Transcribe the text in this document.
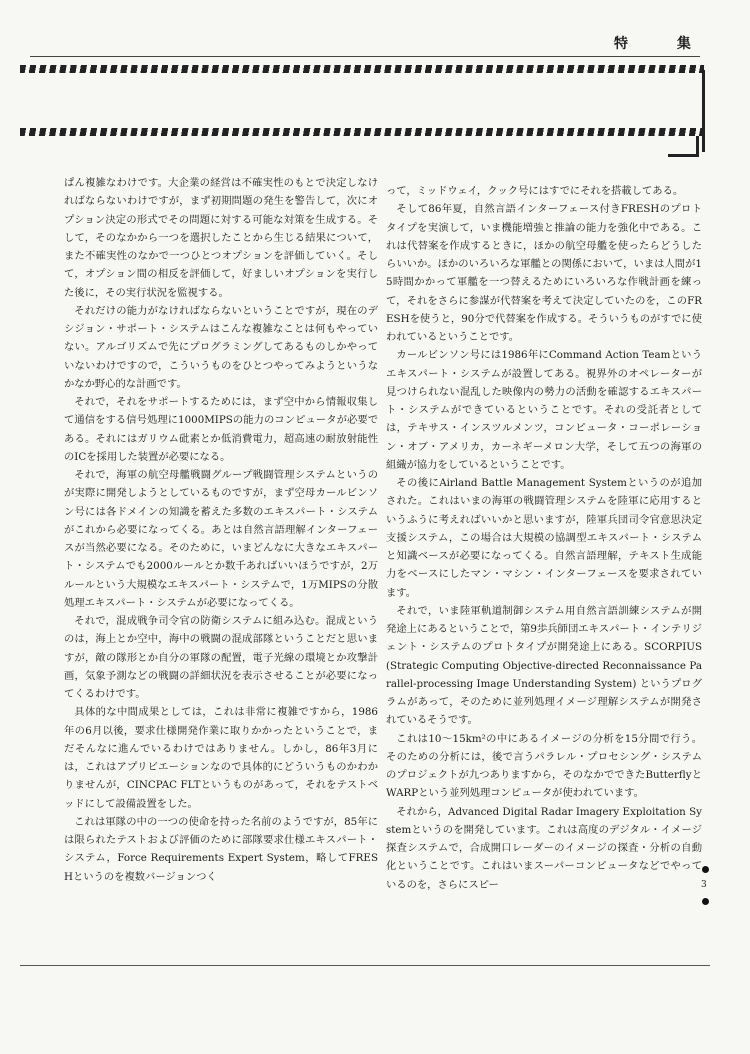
特 集

ぱん複雑なわけです。大企業の経営は不確実性のもとで決定しなければならないわけですが，まず初期問題の発生を警告して，次にオプション決定の形式でその問題に対する可能な対策を生成する。そして，そのなかから一つを選択したことから生じる結果について，また不確実性のなかで一つひとつオプションを評価していく。そして，オプション間の相反を評価して，好ましいオプションを実行した後に，その実行状況を監視する。

それだけの能力がなければならないということですが，現在のデシジョン・サポート・システムはこんな複雑なことは何もやっていない。アルゴリズムで先にプログラミングしてあるものしかやっていないわけですので，こういうものをひとつやってみようというなかなか野心的な計画です。

それで，それをサポートするためには，まず空中から情報収集して通信をする信号処理に1000MIPSの能力のコンピュータが必要である。それにはガリウム砒素とか低消費電力，超高速の耐放射能性のICを採用した装置が必要になる。

それで，海軍の航空母艦戦闘グループ戦闘管理システムというのが実際に開発しようとしているものですが，まず空母カールビンソン号には各ドメインの知識を蓄えた多数のエキスパート・システムがこれから必要になってくる。あとは自然言語理解インターフェースが当然必要になる。そのために，いまどんなに大きなエキスパート・システムでも2000ルールとか数千あればいいほうですが，2万ルールという大規模なエキスパート・システムで，1万MIPSの分散処理エキスパート・システムが必要になってくる。

それで，混成戦争司令官の防衛システムに組み込む。混成というのは，海上とか空中，海中の戦闘の混成部隊ということだと思いますが，敵の隊形とか自分の軍隊の配置，電子光線の環境とか攻撃計画，気象予測などの戦闘の詳細状況を表示させることが必要になってくるわけです。

具体的な中間成果としては，これは非常に複雑ですから，1986年の6月以後，要求仕様開発作業に取りかかったということで，まだそんなに進んでいるわけではありません。しかし，86年3月には，これはアプリビエーションなので具体的にどういうものかわかりませんが，CINCPAC FLTというものがあって，それをテストベッドにして設備設置をした。

これは軍隊の中の一つの使命を持った名前のようですが，85年には限られたテストおよび評価のために部隊要求仕様エキスパート・システム，Force Requirements Expert System，略してFRESHというのを複数バージョンつく

って，ミッドウェイ，クック号にはすでにそれを搭載してある。

そして86年夏，自然言語インターフェース付きFRESHのプロトタイプを実演して，いま機能増強と推論の能力を強化中である。これは代替案を作成するときに，ほかの航空母艦を使ったらどうしたらいいか。ほかのいろいろな軍艦との関係において，いまは人間が15時間かかって軍艦を一つ替えるためにいろいろな作戦計画を練って，それをさらに参謀が代替案を考えて決定していたのを，このFRESHを使うと，90分で代替案を作成する。そういうものがすでに使われているということです。

カールビンソン号には1986年にCommand Action Teamというエキスパート・システムが設置してある。視界外のオペレーターが見つけられない混乱した映像内の勢力の活動を確認するエキスパート・システムができているということです。それの受託者としては，テキサス・インスツルメンツ，コンピュータ・コーポレーション・オブ・アメリカ，カーネギーメロン大学，そして五つの海軍の組織が協力をしているということです。

その後にAirland Battle Management Systemというのが追加された。これはいまの海軍の戦闘管理システムを陸軍に応用するというふうに考えればいいかと思いますが，陸軍兵団司令官意思決定支援システム，この場合は大規模の協調型エキスパート・システムと知識ベースが必要になってくる。自然言語理解，テキスト生成能力をベースにしたマン・マシン・インターフェースを要求されています。

それで，いま陸軍軌道制御システム用自然言語訓練システムが開発途上にあるということで，第9歩兵師団エキスパート・インテリジェント・システムのプロトタイプが開発途上にある。SCORPIUS (Strategic Computing Objective-directed Reconnaissance Parallel-processing Image Understanding System) というプログラムがあって，そのために並列処理イメージ理解システムが開発されているそうです。

これは10〜15km²の中にあるイメージの分析を15分間で行う。そのための分析には，後で言うパラレル・プロセシング・システムのプロジェクトが九つありますから，そのなかでできたButterflyとWARPという並列処理コンピュータが使われています。

それから，Advanced Digital Radar Imagery Exploitation Systemというのを開発しています。これは高度のデジタル・イメージ探査システムで，合成開口レーダーのイメージの探査・分析の自動化ということです。これはいまスーパーコンピュータなどでやっているのを，さらにスピー	3
